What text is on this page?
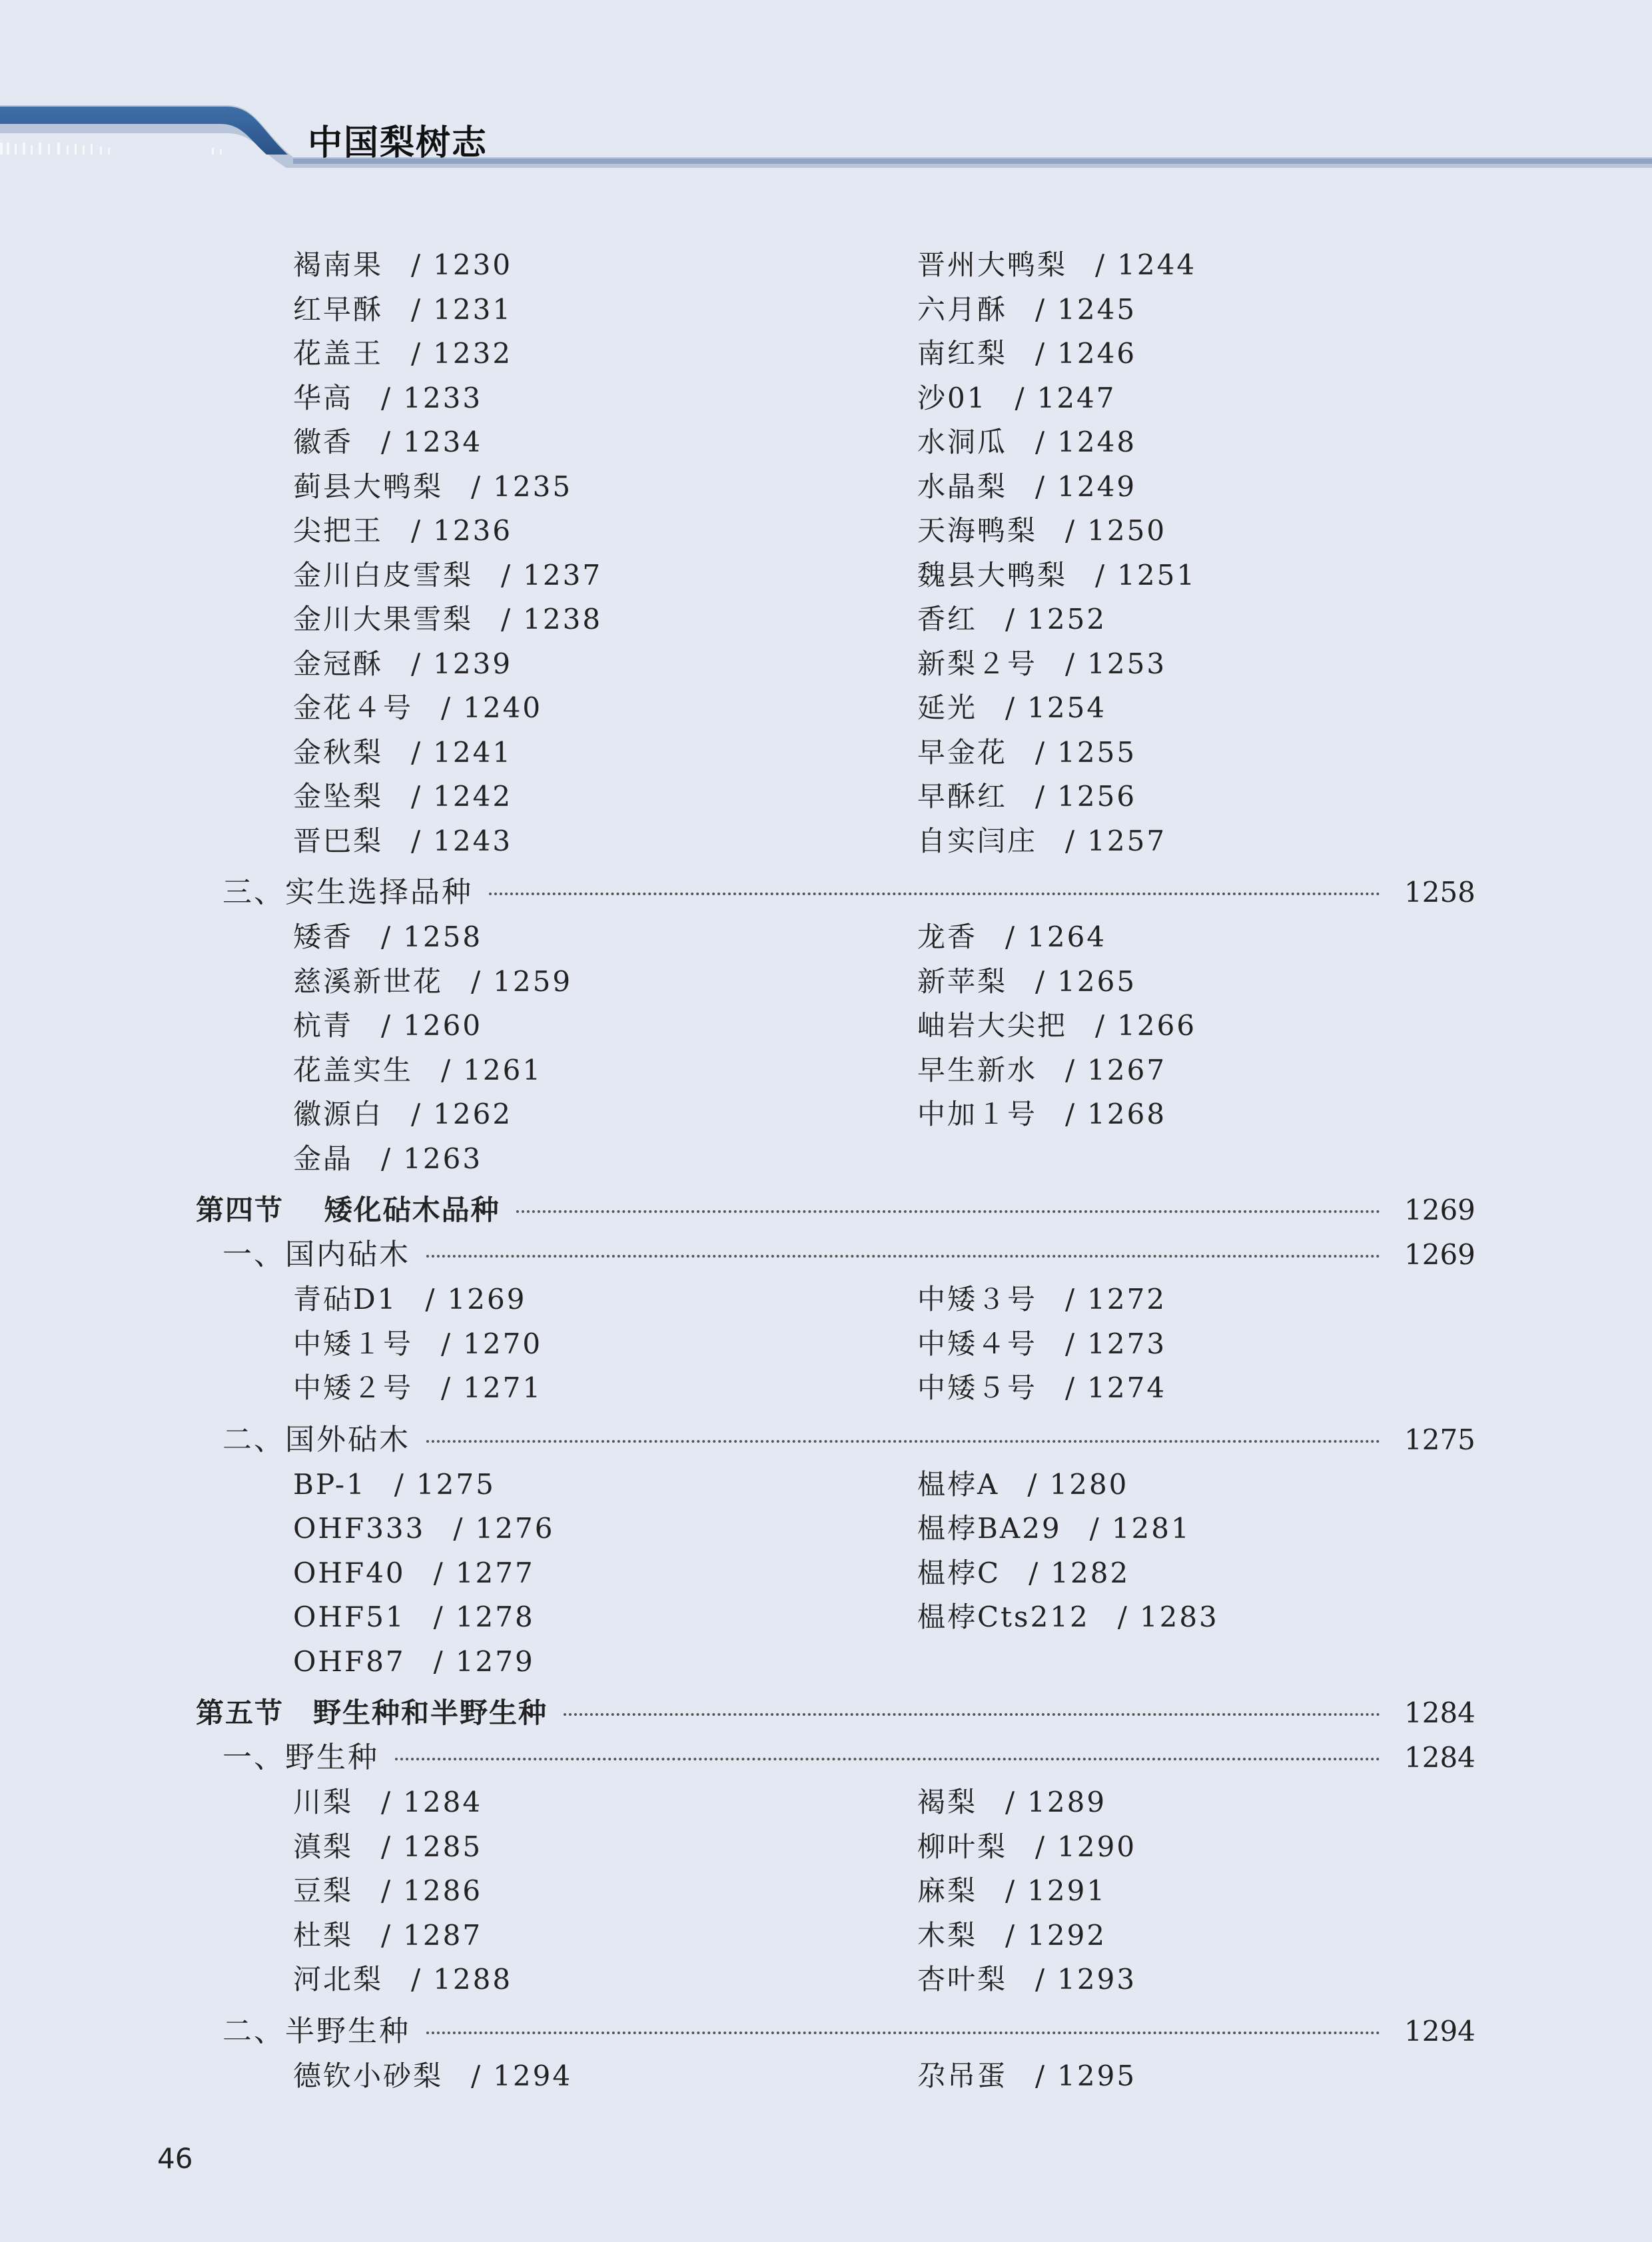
中国梨树志
褐南果 / 1230
红早酥 / 1231
花盖王 / 1232
华高 / 1233
徽香 / 1234
蓟县大鸭梨 / 1235
尖把王 / 1236
金川白皮雪梨 / 1237
金川大果雪梨 / 1238
金冠酥 / 1239
金花４号 / 1240
金秋梨 / 1241
金坠梨 / 1242
晋巴梨 / 1243
晋州大鸭梨 / 1244
六月酥 / 1245
南红梨 / 1246
沙01 / 1247
水洞瓜 / 1248
水晶梨 / 1249
天海鸭梨 / 1250
魏县大鸭梨 / 1251
香红 / 1252
新梨２号 / 1253
延光 / 1254
早金花 / 1255
早酥红 / 1256
自实闫庄 / 1257
三、实生选择品种	1258
矮香 / 1258
慈溪新世花 / 1259
杭青 / 1260
花盖实生 / 1261
徽源白 / 1262
金晶 / 1263
龙香 / 1264
新苹梨 / 1265
岫岩大尖把 / 1266
早生新水 / 1267
中加１号 / 1268
第四节　 矮化砧木品种	1269
一、国内砧木	1269
青砧D1 / 1269
中矮１号 / 1270
中矮２号 / 1271
中矮３号 / 1272
中矮４号 / 1273
中矮５号 / 1274
二、国外砧木	1275
BP-1 / 1275
OHF333 / 1276
OHF40 / 1277
OHF51 / 1278
OHF87 / 1279
榅桲A / 1280
榅桲BA29 / 1281
榅桲C / 1282
榅桲Cts212 / 1283
第五节　野生种和半野生种	1284
一、野生种	1284
川梨 / 1284
滇梨 / 1285
豆梨 / 1286
杜梨 / 1287
河北梨 / 1288
褐梨 / 1289
柳叶梨 / 1290
麻梨 / 1291
木梨 / 1292
杏叶梨 / 1293
二、半野生种	1294
德钦小砂梨 / 1294	尕吊蛋 / 1295
46
